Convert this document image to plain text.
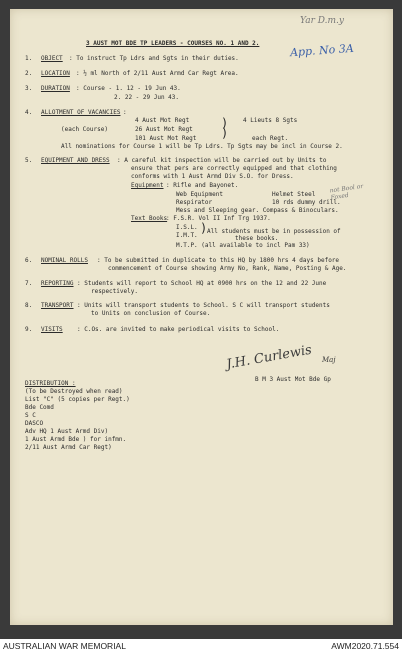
Yar D.m.y
App. No 3A
3 AUST MOT BDE TP LEADERS - COURSES NO. 1 AND 2.
1. OBJECT : To instruct Tp Ldrs and Sgts in their duties.
2. LOCATION : ½ ml North of 2/11 Aust Armd Car Regt Area.
3. DURATION : Course - 1. 12 - 19 Jun 43.
2. 22 - 29 Jun 43.
4. ALLOTMENT OF VACANCIES :
4 Aust Mot Regt
(each Course)	26 Aust Mot Regt
101 Aust Mot Regt
)
)
4 Lieuts 8 Sgts
each Regt.
All nominations for Course 1 will be Tp Ldrs. Tp Sgts may be incl in Course 2.
5. EQUIPMENT AND DRESS : A careful kit inspection will be carried out by Units to
ensure that pers are correctly equipped and that clothing
conforms with 1 Aust Armd Div S.O. for Dress.
Equipment : Rifle and Bayonet.
Web Equipment	Helmet Steel
Respirator	10 rds dummy drill.
Mess and Sleeping gear. Compass & Binoculars.
not Bool or Foxed
Text Books
: F.S.R. Vol II Inf Trg 1937.
I.S.L.
I.M.T.
) All students must be in possession of
these books.
M.T.P. (all available to incl Pam 33)
6. NOMINAL ROLLS : To be submitted in duplicate to this HQ by 1800 hrs 4 days before
commencement of Course showing Army No, Rank, Name, Posting & Age.
7. REPORTING : Students will report to School HQ at 0900 hrs on the 12 and 22 June
respectively.
8. TRANSPORT : Units will transport students to School. S C will transport students
to Units on conclusion of Course.
9. VISITS : C.Os. are invited to make periodical visits to School.
J.H. Curlewis Maj
B M 3 Aust Mot Bde Gp
DISTRIBUTION :
(To be Destroyed when read)
List "C" (5 copies per Regt.)
Bde Comd
S C
DASCO
Adv HQ 1 Aust Armd Div)
1 Aust Armd Bde ) for infmn.
2/11 Aust Armd Car Regt)
AUSTRALIAN WAR MEMORIAL	AWM2020.71.554
